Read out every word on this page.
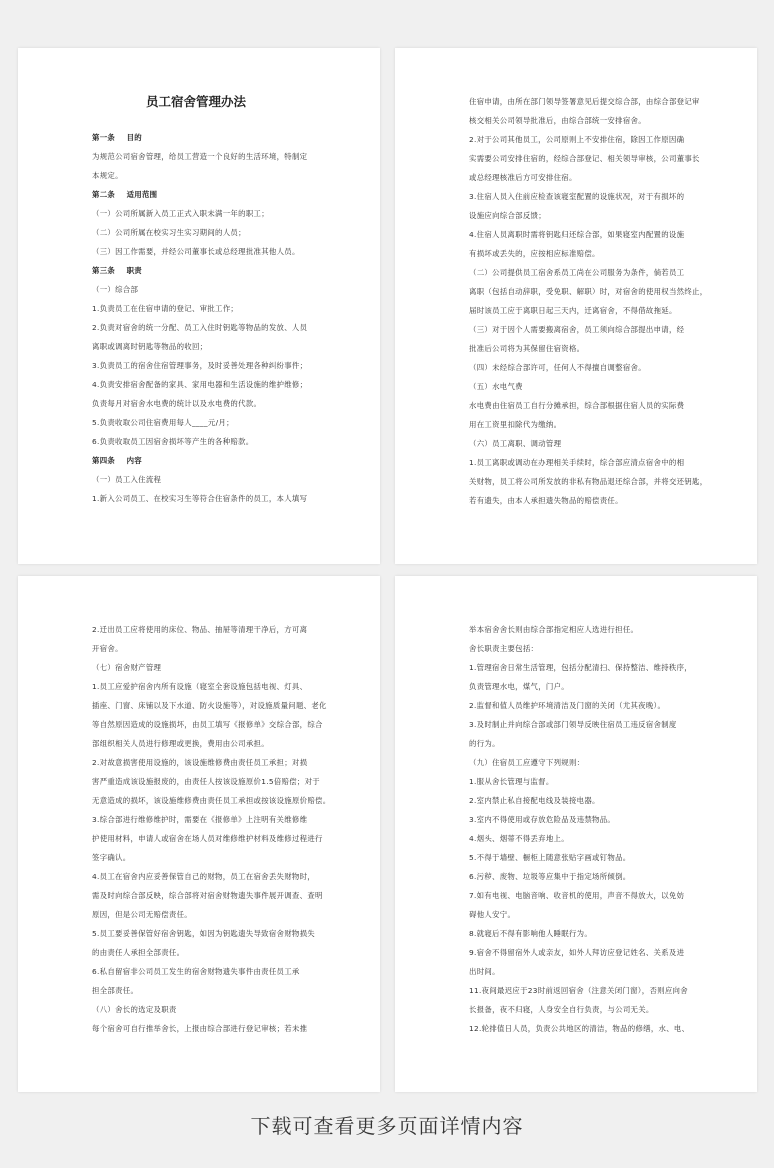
员工宿舍管理办法
第一条    目的
为规范公司宿舍管理，给员工营造一个良好的生活环境，特制定
本规定。
第二条    适用范围
（一）公司所属新入员工正式入职未满一年的职工；
（二）公司所属在校实习生实习期间的人员；
（三）因工作需要，并经公司董事长或总经理批准其他人员。
第三条    职责
（一）综合部
1.负责员工在住宿申请的登记、审批工作；
2.负责对宿舍的统一分配、员工入住时钥匙等物品的发放、人员
离职或调离时钥匙等物品的收回；
3.负责员工的宿舍住宿管理事务，及时妥善处理各种纠纷事件；
4.负责安排宿舍配备的家具、家用电器和生活设施的维护维修；
负责每月对宿舍水电费的统计以及水电费的代款。
5.负责收取公司住宿费用每人____元/月；
6.负责收取员工因宿舍损坏等产生的各种赔款。
第四条    内容
（一）员工入住流程
1.新入公司员工、在校实习生等符合住宿条件的员工，本人填写
住宿申请，由所在部门领导签署意见后提交综合部，由综合部登记审
核交相关公司领导批准后，由综合部统一安排宿舍。
2.对于公司其他员工，公司原则上不安排住宿，除因工作原因确
实需要公司安排住宿的，经综合部登记、相关领导审核，公司董事长
或总经理核准后方可安排住宿。
3.住宿人员入住前应检查该寝室配置的设施状况，对于有损坏的
设施应向综合部反馈；
4.住宿人员离职时需将钥匙归还综合部，如果寝室内配置的设施
有损坏或丢失的，应按相应标准赔偿。
（二）公司提供员工宿舍系员工尚在公司服务为条件，倘若员工
离职（包括自动辞职，受免职、解职）时，对宿舍的使用权当然终止，
届时该员工应于离职日起三天内，迁离宿舍，不得借故拖延。
（三）对于因个人需要搬离宿舍，员工须向综合部提出申请，经
批准后公司将为其保留住宿资格。
（四）未经综合部许可，任何人不得擅自调整宿舍。
（五）水电气费
水电费由住宿员工自行分摊承担，综合部根据住宿人员的实际费
用在工资里扣除代为缴纳。
（六）员工离职、调动管理
1.员工离职或调动在办理相关手续时，综合部应清点宿舍中的相
关财物，员工将公司所发放的非私有物品退还综合部，并将交还钥匙，
若有遗失，由本人承担遗失物品的赔偿责任。
2.迁出员工应将使用的床位、物品、抽屉等清理干净后，方可离
开宿舍。
（七）宿舍财产管理
1.员工应爱护宿舍内所有设施（寝室全套设施包括电视、灯具、
插座、门窗、床铺以及下水道、防火设施等），对设施质量问题、老化
等自然原因造成的设施损坏，由员工填写《报修单》交综合部，综合
部组织相关人员进行修理或更换，费用由公司承担。
2.对故意损害使用设施的，该设施维修费由责任员工承担；对损
害严重造成该设施报废的，由责任人按该设施原价1.5倍赔偿；对于
无意造成的损坏，该设施维修费由责任员工承担或按该设施原价赔偿。
3.综合部进行维修维护时，需要在《报修单》上注明有关维修维
护使用材料，申请人或宿舍在场人员对维修维护材料及维修过程进行
签字确认。
4.员工在宿舍内应妥善保管自己的财物，员工在宿舍丢失财物时，
需及时向综合部反映，综合部将对宿舍财物遗失事件展开调查、查明
原因，但是公司无赔偿责任。
5.员工要妥善保管好宿舍钥匙，如因为钥匙遗失导致宿舍财物损失
的由责任人承担全部责任。
6.私自留宿非公司员工发生的宿舍财物遗失事件由责任员工承
担全部责任。
（八）舍长的选定及职责
每个宿舍可自行推举舍长，上报由综合部进行登记审核；若未推
举本宿舍舍长则由综合部指定相应人选进行担任。
舍长职责主要包括：
1.管理宿舍日常生活管理，包括分配清扫、保持整洁、维持秩序，
负责管理水电，煤气，门户。
2.监督和值人员维护环境清洁及门窗的关闭（尤其夜晚）。
3.及时制止并向综合部或部门领导反映住宿员工违反宿舍制度
的行为。
（九）住宿员工应遵守下列规则：
1.服从舍长管理与监督。
2.室内禁止私自接配电线及装接电器。
3.室内不得使用或存放危险品及违禁物品。
4.烟头、烟蒂不得丢弃地上。
5.不得于墙壁、橱柜上随意张贴字画或钉物品。
6.污秽、废物、垃圾等应集中于指定场所倾倒。
7.如有电视、电脑音响、收音机的使用，声音不得放大，以免妨
碍他人安宁。
8.就寝后不得有影响他人睡眠行为。
9.宿舍不得留宿外人或亲友，如外人拜访应登记姓名、关系及进
出时间。
11.夜间最迟应于23时前返回宿舍（注意关闭门窗），否则应向舍
长报备，夜不归寝，人身安全自行负责，与公司无关。
12.轮排值日人员，负责公共地区的清洁，物品的修缮，水、电、
下载可查看更多页面详情内容
